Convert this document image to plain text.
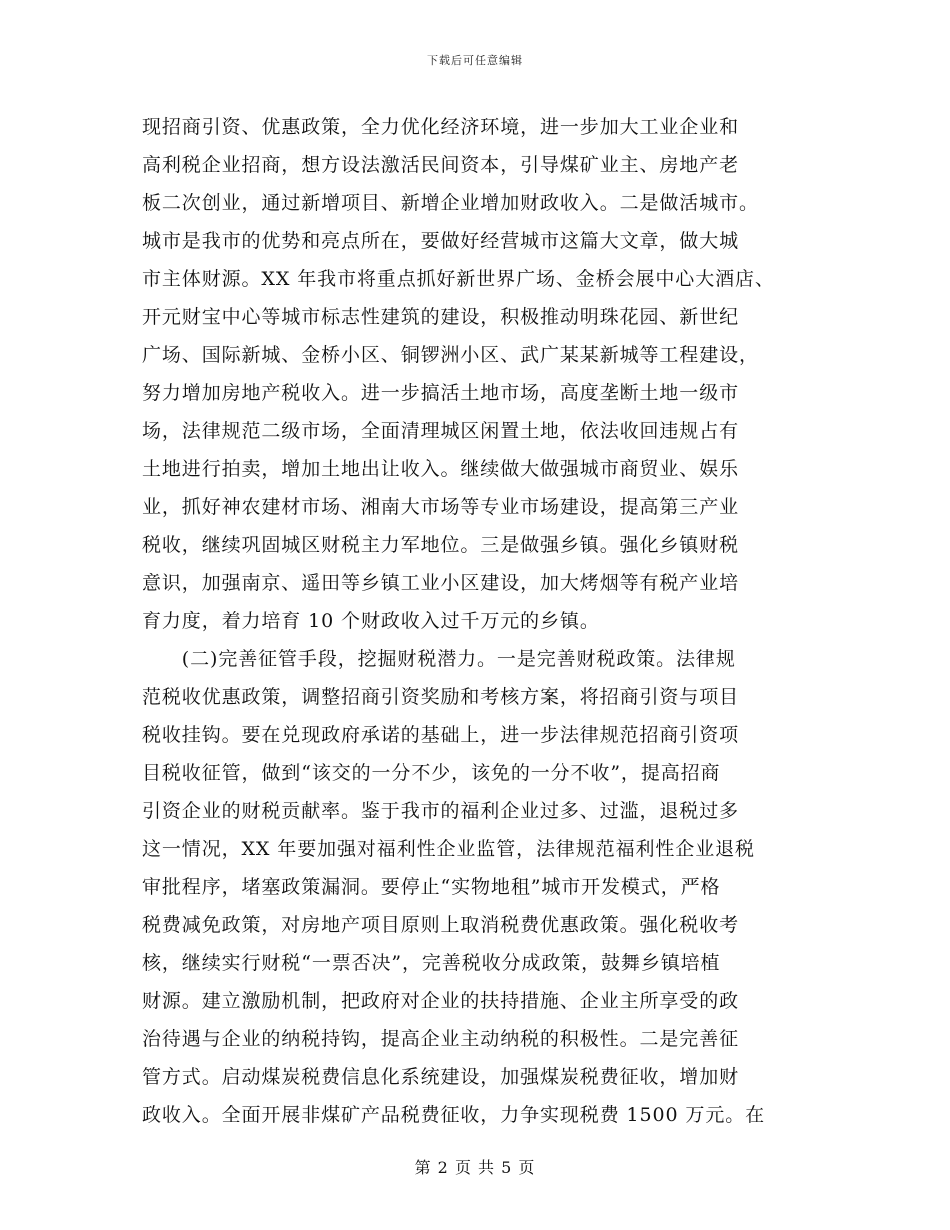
下载后可任意编辑
现招商引资、优惠政策，全力优化经济环境，进一步加大工业企业和
高利税企业招商，想方设法激活民间资本，引导煤矿业主、房地产老
板二次创业，通过新增项目、新增企业增加财政收入。二是做活城市。
城市是我市的优势和亮点所在，要做好经营城市这篇大文章，做大城
市主体财源。XX 年我市将重点抓好新世界广场、金桥会展中心大酒店、
开元财宝中心等城市标志性建筑的建设，积极推动明珠花园、新世纪
广场、国际新城、金桥小区、铜锣洲小区、武广某某新城等工程建设，
努力增加房地产税收入。进一步搞活土地市场，高度垄断土地一级市
场，法律规范二级市场，全面清理城区闲置土地，依法收回违规占有
土地进行拍卖，增加土地出让收入。继续做大做强城市商贸业、娱乐
业，抓好神农建材市场、湘南大市场等专业市场建设，提高第三产业
税收，继续巩固城区财税主力军地位。三是做强乡镇。强化乡镇财税
意识，加强南京、遥田等乡镇工业小区建设，加大烤烟等有税产业培
育力度，着力培育 10 个财政收入过千万元的乡镇。
　　(二)完善征管手段，挖掘财税潜力。一是完善财税政策。法律规
范税收优惠政策，调整招商引资奖励和考核方案，将招商引资与项目
税收挂钩。要在兑现政府承诺的基础上，进一步法律规范招商引资项
目税收征管，做到“该交的一分不少，该免的一分不收”，提高招商
引资企业的财税贡献率。鉴于我市的福利企业过多、过滥，退税过多
这一情况，XX 年要加强对福利性企业监管，法律规范福利性企业退税
审批程序，堵塞政策漏洞。要停止“实物地租”城市开发模式，严格
税费减免政策，对房地产项目原则上取消税费优惠政策。强化税收考
核，继续实行财税“一票否决”，完善税收分成政策，鼓舞乡镇培植
财源。建立激励机制，把政府对企业的扶持措施、企业主所享受的政
治待遇与企业的纳税持钩，提高企业主动纳税的积极性。二是完善征
管方式。启动煤炭税费信息化系统建设，加强煤炭税费征收，增加财
政收入。全面开展非煤矿产品税费征收，力争实现税费 1500 万元。在
第 2 页 共 5 页
